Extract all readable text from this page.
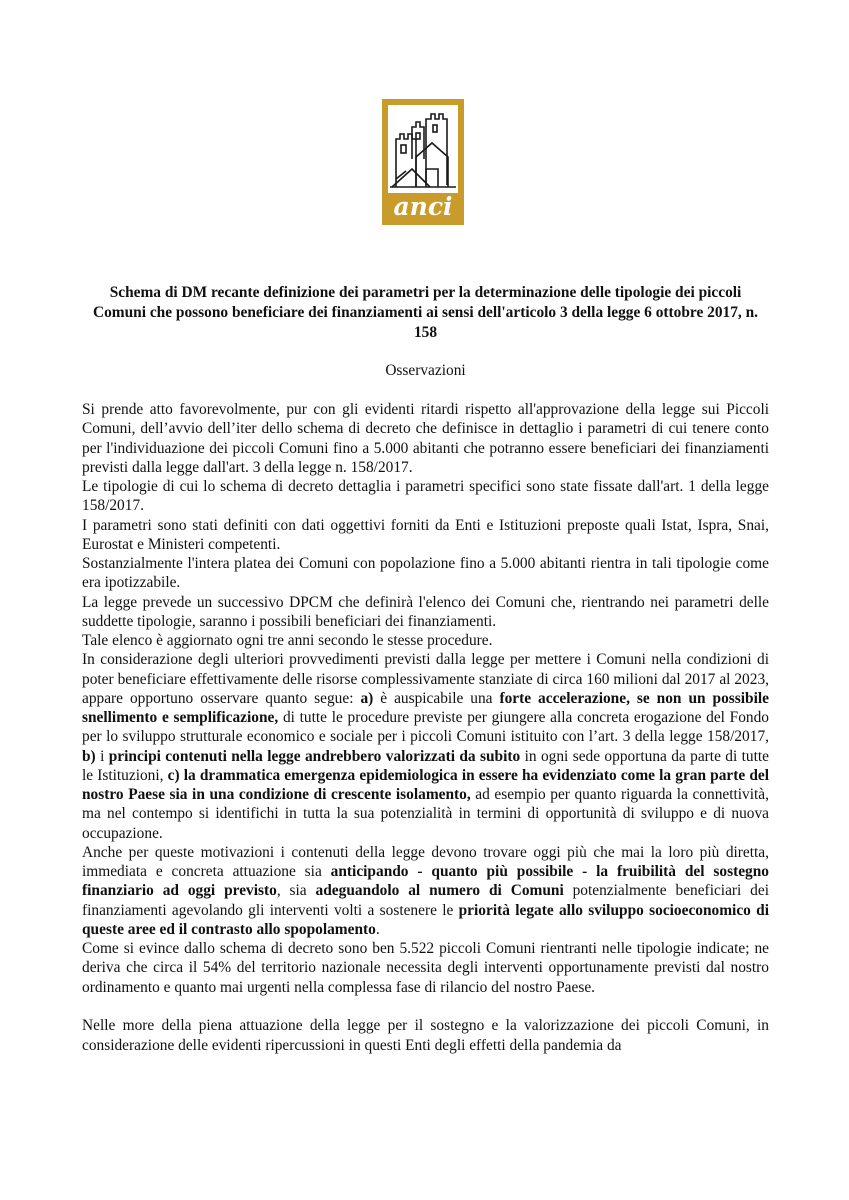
anci
Schema di DM recante definizione dei parametri per la determinazione delle tipologie dei piccoli Comuni che possono beneficiare dei finanziamenti ai sensi dell'articolo 3 della legge 6 ottobre 2017, n. 158
Osservazioni

Si prende atto favorevolmente, pur con gli evidenti ritardi rispetto all'approvazione della legge sui Piccoli Comuni, dell’avvio dell’iter dello schema di decreto che definisce in dettaglio i parametri di cui tenere conto per l'individuazione dei piccoli Comuni fino a 5.000 abitanti che potranno essere beneficiari dei finanziamenti previsti dalla legge dall'art. 3 della legge n. 158/2017.

Le tipologie di cui lo schema di decreto dettaglia i parametri specifici sono state fissate dall'art. 1 della legge 158/2017.

I parametri sono stati definiti con dati oggettivi forniti da Enti e Istituzioni preposte quali Istat, Ispra, Snai, Eurostat e Ministeri competenti.

Sostanzialmente l'intera platea dei Comuni con popolazione fino a 5.000 abitanti rientra in tali tipologie come era ipotizzabile.

La legge prevede un successivo DPCM che definirà l'elenco dei Comuni che, rientrando nei parametri delle suddette tipologie, saranno i possibili beneficiari dei finanziamenti.

Tale elenco è aggiornato ogni tre anni secondo le stesse procedure.

In considerazione degli ulteriori provvedimenti previsti dalla legge per mettere i Comuni nella condizioni di poter beneficiare effettivamente delle risorse complessivamente stanziate di circa 160 milioni dal 2017 al 2023, appare opportuno osservare quanto segue: a) è auspicabile una forte accelerazione, se non un possibile snellimento e semplificazione, di tutte le procedure previste per giungere alla concreta erogazione del Fondo per lo sviluppo strutturale economico e sociale per i piccoli Comuni istituito con l’art. 3 della legge 158/2017, b) i principi contenuti nella legge andrebbero valorizzati da subito in ogni sede opportuna da parte di tutte le Istituzioni, c) la drammatica emergenza epidemiologica in essere ha evidenziato come la gran parte del nostro Paese sia in una condizione di crescente isolamento, ad esempio per quanto riguarda la connettività, ma nel contempo si identifichi in tutta la sua potenzialità in termini di opportunità di sviluppo e di nuova occupazione.

Anche per queste motivazioni i contenuti della legge devono trovare oggi più che mai la loro più diretta, immediata e concreta attuazione sia anticipando - quanto più possibile - la fruibilità del sostegno finanziario ad oggi previsto, sia adeguandolo al numero di Comuni potenzialmente beneficiari dei finanziamenti agevolando gli interventi volti a sostenere le priorità legate allo sviluppo socioeconomico di queste aree ed il contrasto allo spopolamento.

Come si evince dallo schema di decreto sono ben 5.522 piccoli Comuni rientranti nelle tipologie indicate; ne deriva che circa il 54% del territorio nazionale necessita degli interventi opportunamente previsti dal nostro ordinamento e quanto mai urgenti nella complessa fase di rilancio del nostro Paese.

Nelle more della piena attuazione della legge per il sostegno e la valorizzazione dei piccoli Comuni, in considerazione delle evidenti ripercussioni in questi Enti degli effetti della pandemia da
